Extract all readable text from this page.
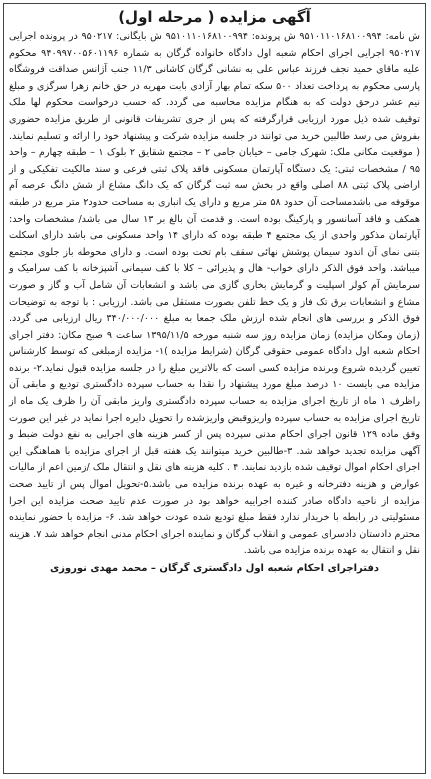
آگهی مزایده ( مرحله اول)

ش نامه: ۹۵۱۰۱۱۰۱۶۸۱۰۰۹۹۴ ش پرونده: ۹۵۱۰۱۱۰۱۶۸۱۰۰۹۹۴ ش بایگانی: ۹۵۰۲۱۷ در پرونده اجرایی ۹۵۰۲۱۷ اجرایی اجرای احکام شعبه اول دادگاه خانواده گرگان به شماره ۹۴۰۹۹۷۰۰۵۶۰۱۱۹۶ محکوم علیه ماقای حمید نجف فرزند عباس علی به نشانی گرگان کاشانی ۱۱/۳ جنب آژانس صداقت فروشگاه پارسی محکوم به پرداخت تعداد ۵۰۰ سکه تمام بهار آزادی بابت مهریه در حق خانم زهرا سرگزی و مبلغ نیم عشر درحق دولت که به هنگام مزایده محاسبه می گردد. که حسب درخواست محکوم لها ملک توقیف شده ذیل مورد ارزیابی قرارگرفته که پس از جری تشریفات قانونی از طریق مزایده حضوری بفروش می رسد طالبین خرید می توانند در جلسه مزایده شرکت و پیشنهاد خود را ارائه و تسلیم نمایند. ( موقعیت مکانی ملک: شهرک جامی – خیابان جامی ۲ – مجتمع شقایق ۲ بلوک ۱ – طبقه چهارم – واحد ۹۵ / مشخصات ثبتی: یک دستگاه آپارتمان مسکونی فاقد پلاک ثبتی فرعی و سند مالکیت تفکیکی و از اراضی پلاک ثبتی ۸۸ اصلی واقع در بخش سه ثبت گرگان که یک دانگ مشاع از شش دانگ عرصه آم موقوفه می باشدمساحت آن حدود ۵۸ متر مربع و دارای یک انباری به مساحت حدود۲ متر مربع در طبقه همکف و فاقد آسانسور و پارکینگ بوده است. و قدمت آن بالغ بر ۱۳ سال می باشد/ مشخصات واحد: آپارتمان مذکور واحدی از یک مجتمع ۴ طبقه بوده که دارای ۱۴ واحد مسکونی می باشد دارای اسکلت بتنی نمای آن اندود سیمان پوشش نهائی سقف بام تخت بوده است. و دارای محوطه باز جلوی مجتمع میباشد. واحد فوق الذکر دارای خواب- هال و پذیرائی – کلا با کف سیمانی آشپزخانه با کف سرامیک و سرمایش آم کولر اسپلیت و گرمایش بخاری گازی می باشد و انشعابات آن شامل آب و گاز و صورت مشاع و انشعابات برق تک فاز و یک خط تلفن بصورت مستقل می باشد. ارزیابی : با توجه به توضیحات فوق الذکر و بررسی های انجام شده ارزش ملک جمعا به مبلغ ۳۴۰/۰۰۰/۰۰۰ ریال ارزیابی می گردد. (زمان ومکان مزایده) زمان مزایده روز سه شنبه مورخه ۱۳۹۵/۱۱/۵ ساعت ۹ صبح مکان: دفتر اجرای احکام شعبه اول دادگاه عمومی حقوقی گرگان (شرایط مزایده )۱- مزایده ازمبلغی که توسط کارشناس تعیین گردیده شروع وبرنده مزایده کسی است که بالاترین مبلغ را در جلسه مزایده قبول نماید.۲- برنده مزایده می بایست ۱۰ درصد مبلغ مورد پیشنهاد را نقدا به حساب سپرده دادگستری تودیع و مابقی آن راظرف ۱ ماه از تاریخ اجرای مزایده به حساب سپرده دادگستری واریز مابقی آن را ظرف یک ماه از تاریخ اجرای مزایده به حساب سپرده واریزوقبض واریزشده را تحویل دایره اجرا نماید در غیر این صورت وفق ماده ۱۲۹ قانون اجرای احکام مدنی سپرده پس از کسر هزینه های اجرایی به نفع دولت ضبط و آگهی مزایده تجدید خواهد شد. ۳-طالبین خرید میتوانند یک هفته قبل از اجرای مزایده با هماهنگی این اجرای احکام اموال توقیف شده بازدید نمایند. ۴ . کلیه هزینه های نقل و انتقال ملک /زمین اعم از مالیات عوارض و هزینه دفترخانه و غیره به عهده برنده مزایده می باشد.۵-تحویل اموال پس از تایید صحت مزایده از ناحیه دادگاه صادر کننده اجراییه خواهد بود در صورت عدم تایید صحت مزایده این اجرا مسئولیتی در رابطه با خریدار ندارد فقط مبلغ تودیع شده عودت خواهد شد. ۶- مزایده با حضور نماینده محترم دادستان دادسرای عمومی و انقلاب گرگان و نماینده اجرای احکام مدنی انجام خواهد شد ۷. هزینه نقل و انتقال به عهده برنده مزایده می باشد.

دفتراجرای احکام شعبه اول دادگستری گرگان – محمد مهدی نوروزی
